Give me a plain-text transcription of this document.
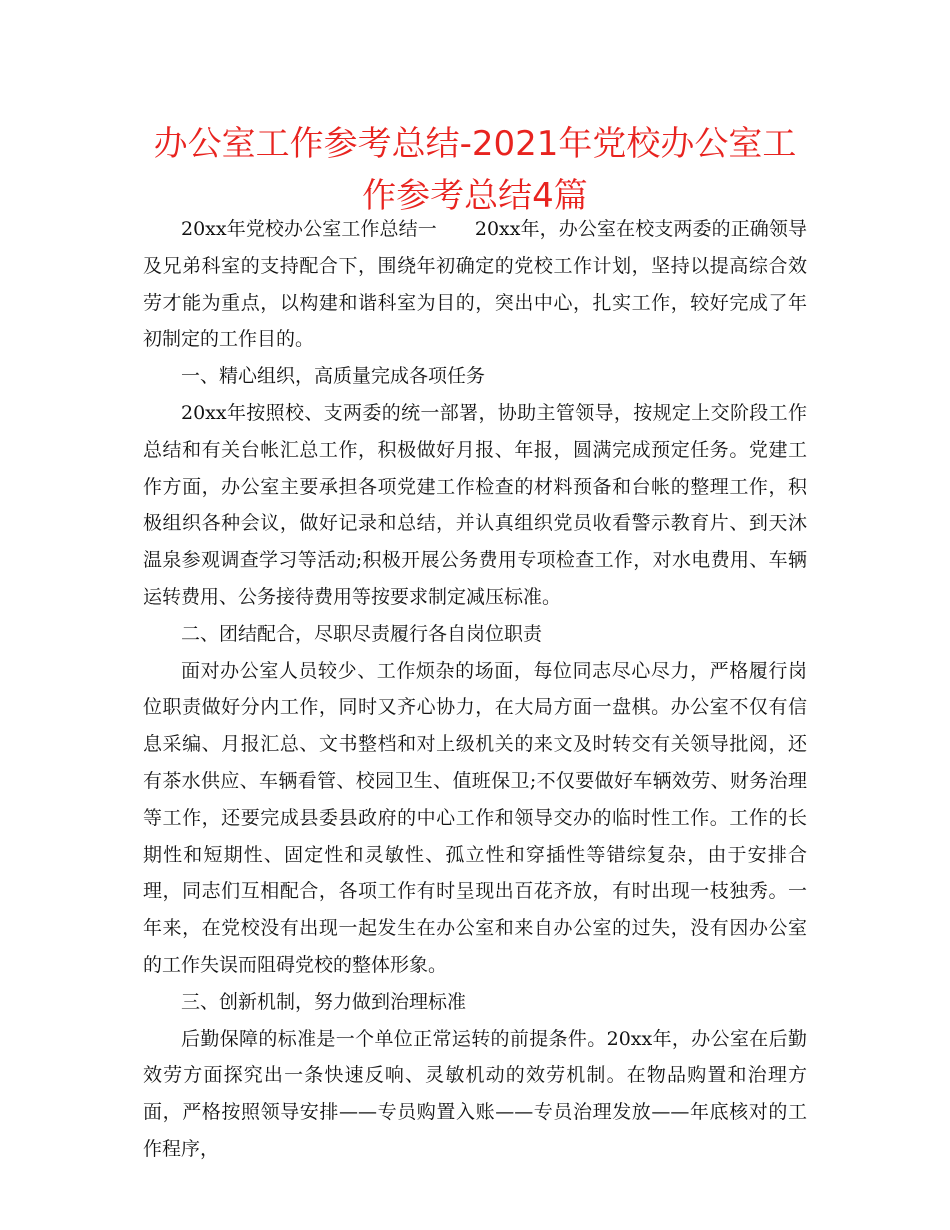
办公室工作参考总结-2021年党校办公室工作参考总结4篇

20xx年党校办公室工作总结一 20xx年，办公室在校支两委的正确领导及兄弟科室的支持配合下，围绕年初确定的党校工作计划，坚持以提高综合效劳才能为重点，以构建和谐科室为目的，突出中心，扎实工作，较好完成了年初制定的工作目的。

一、精心组织，高质量完成各项任务

20xx年按照校、支两委的统一部署，协助主管领导，按规定上交阶段工作总结和有关台帐汇总工作，积极做好月报、年报，圆满完成预定任务。党建工作方面，办公室主要承担各项党建工作检查的材料预备和台帐的整理工作，积极组织各种会议，做好记录和总结，并认真组织党员收看警示教育片、到天沐温泉参观调查学习等活动;积极开展公务费用专项检查工作，对水电费用、车辆运转费用、公务接待费用等按要求制定减压标准。

二、团结配合，尽职尽责履行各自岗位职责

面对办公室人员较少、工作烦杂的场面，每位同志尽心尽力，严格履行岗位职责做好分内工作，同时又齐心协力，在大局方面一盘棋。办公室不仅有信息采编、月报汇总、文书整档和对上级机关的来文及时转交有关领导批阅，还有茶水供应、车辆看管、校园卫生、值班保卫;不仅要做好车辆效劳、财务治理等工作，还要完成县委县政府的中心工作和领导交办的临时性工作。工作的长期性和短期性、固定性和灵敏性、孤立性和穿插性等错综复杂，由于安排合理，同志们互相配合，各项工作有时呈现出百花齐放，有时出现一枝独秀。一年来，在党校没有出现一起发生在办公室和来自办公室的过失，没有因办公室的工作失误而阻碍党校的整体形象。

三、创新机制，努力做到治理标准

后勤保障的标准是一个单位正常运转的前提条件。20xx年，办公室在后勤效劳方面探究出一条快速反响、灵敏机动的效劳机制。在物品购置和治理方面，严格按照领导安排——专员购置入账——专员治理发放——年底核对的工作程序，
